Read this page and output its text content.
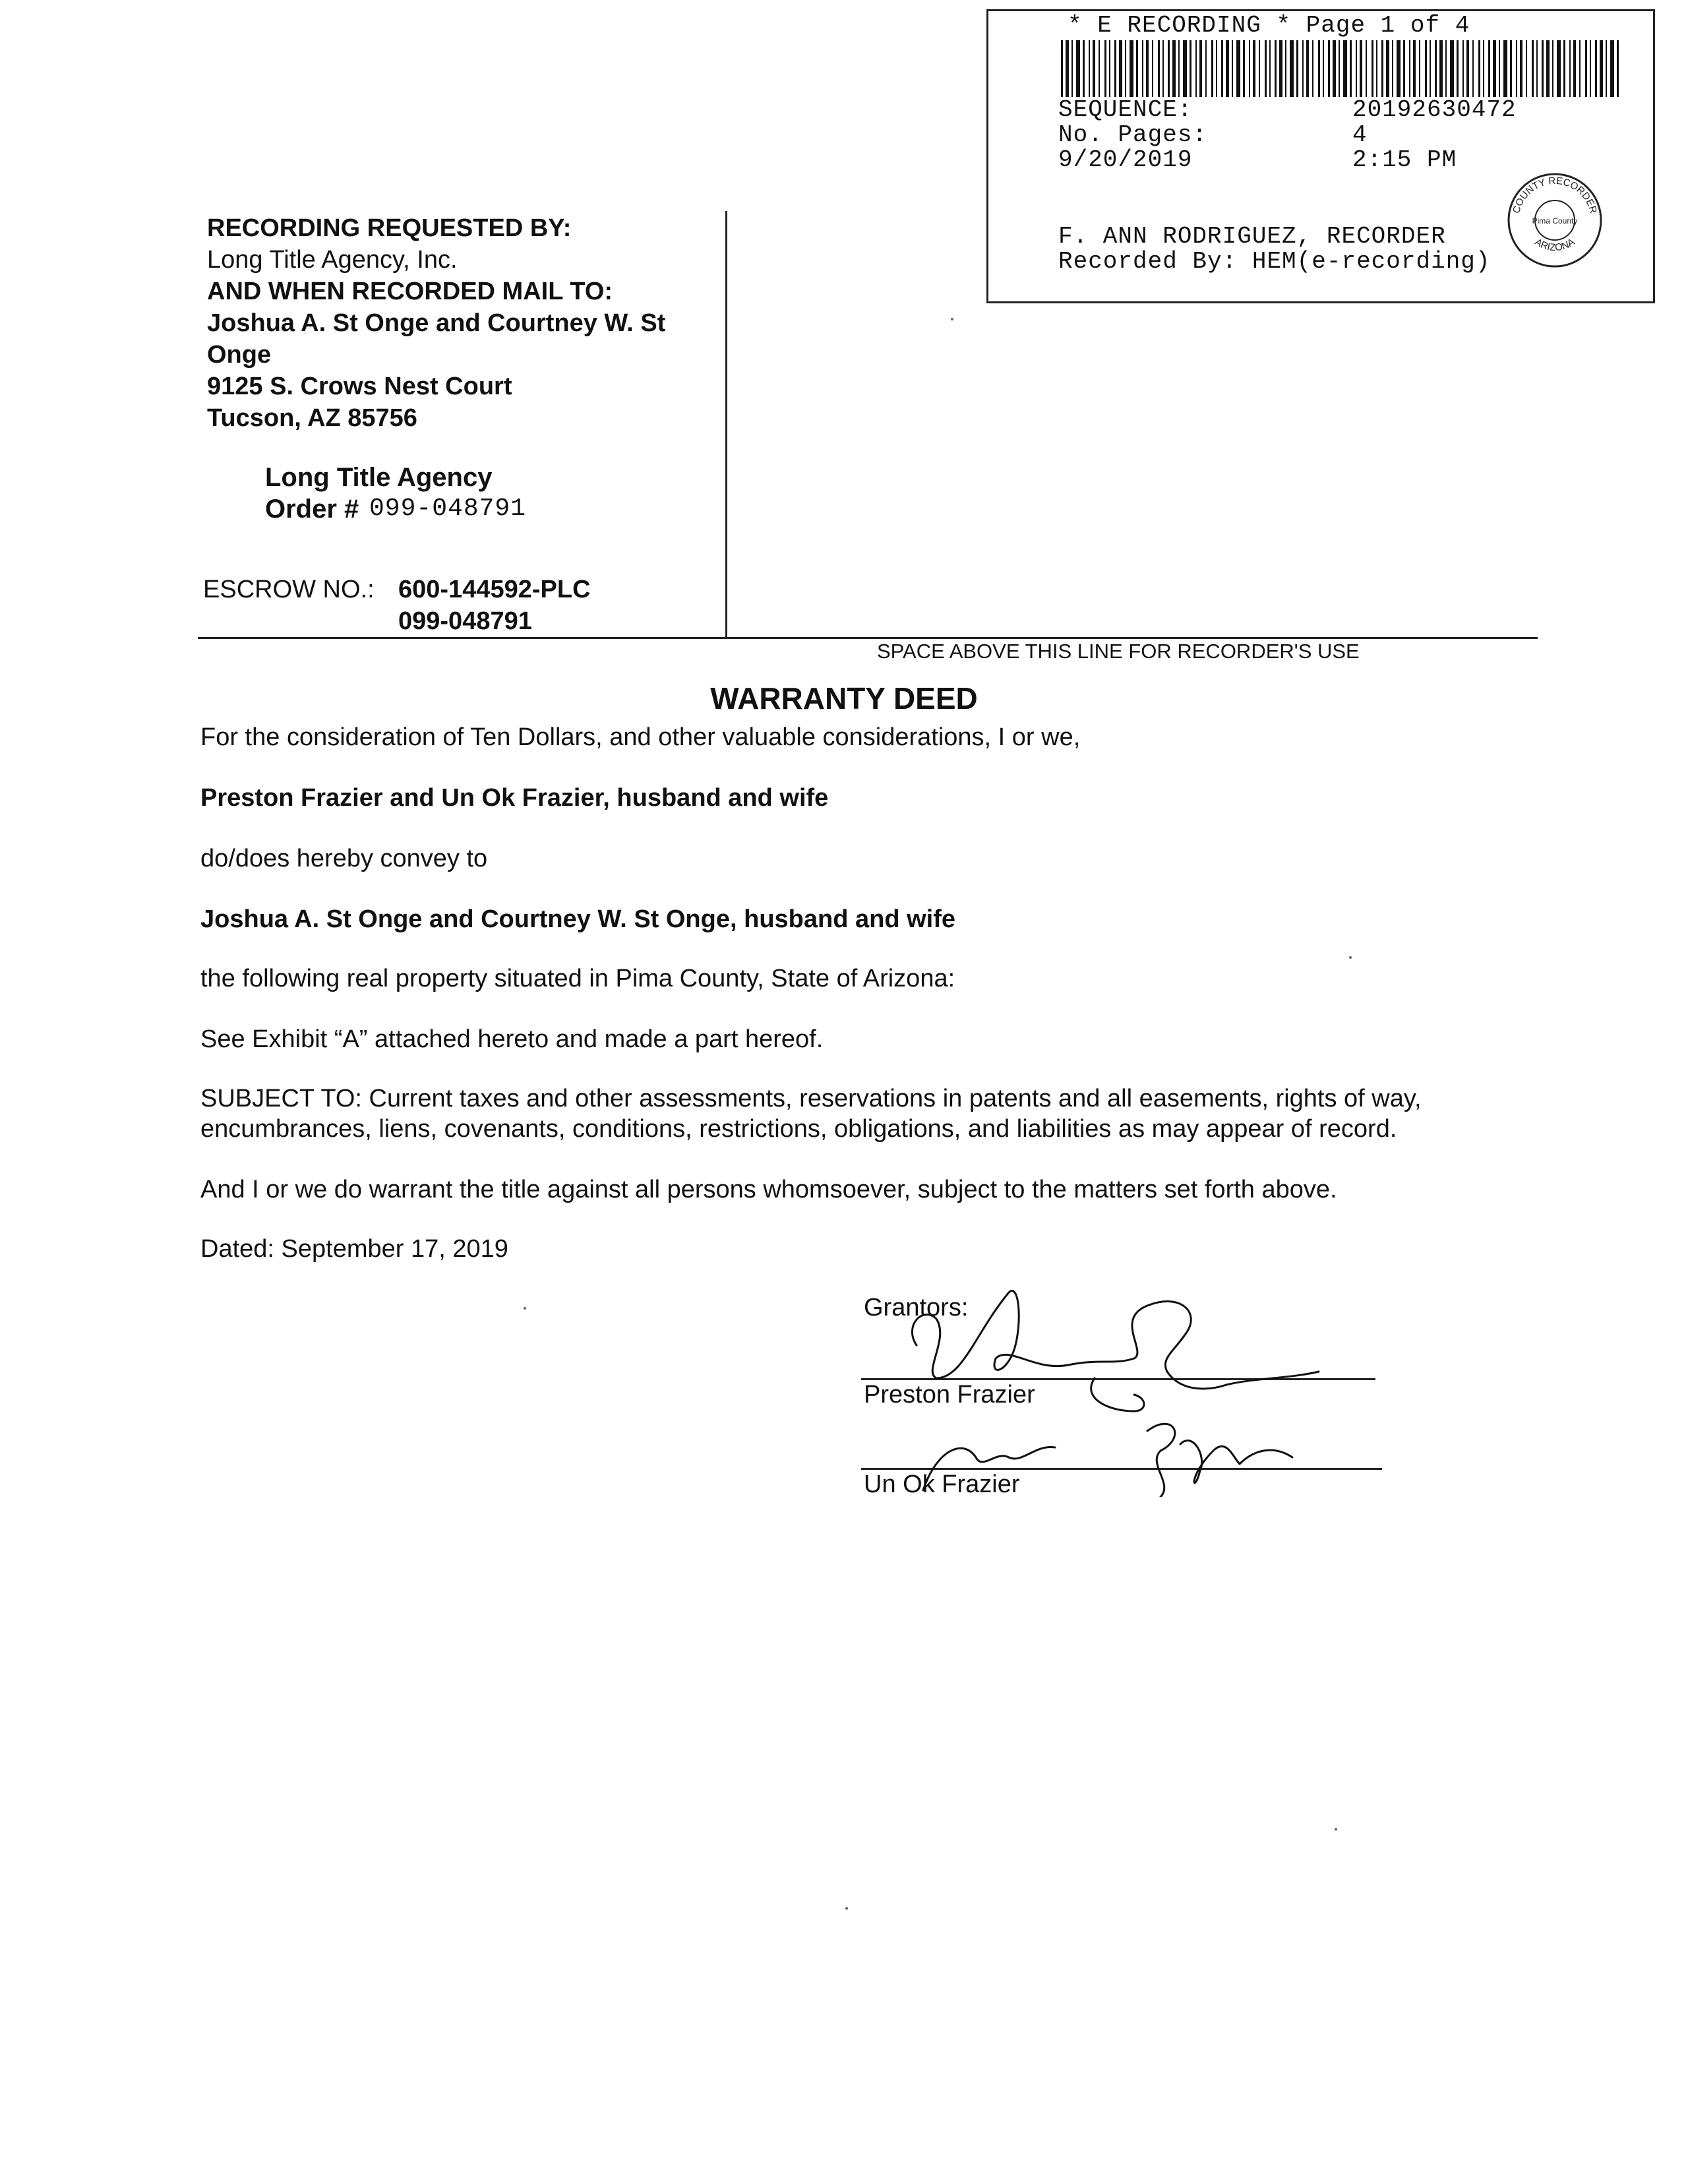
* E RECORDING * Page 1 of 4
SEQUENCE:	20192630472
No. Pages:	4
9/20/2019	2:15 PM
F. ANN RODRIGUEZ, RECORDER
Recorded By: HEM(e-recording)
COUNTY RECORDER
ARIZONA
Pima County
RECORDING REQUESTED BY:
Long Title Agency, Inc.
AND WHEN RECORDED MAIL TO:
Joshua A. St Onge and Courtney W. St
Onge
9125 S. Crows Nest Court
Tucson, AZ 85756
Long Title Agency
Order # 099-048791
ESCROW NO.: 600-144592-PLC
099-048791
SPACE ABOVE THIS LINE FOR RECORDER'S USE
WARRANTY DEED
For the consideration of Ten Dollars, and other valuable considerations, I or we,
Preston Frazier and Un Ok Frazier, husband and wife
do/does hereby convey to
Joshua A. St Onge and Courtney W. St Onge, husband and wife
the following real property situated in Pima County, State of Arizona:
See Exhibit “A” attached hereto and made a part hereof.
SUBJECT TO: Current taxes and other assessments, reservations in patents and all easements, rights of way,
encumbrances, liens, covenants, conditions, restrictions, obligations, and liabilities as may appear of record.
And I or we do warrant the title against all persons whomsoever, subject to the matters set forth above.
Dated: September 17, 2019
Grantors:
Preston Frazier
Un Ok Frazier
